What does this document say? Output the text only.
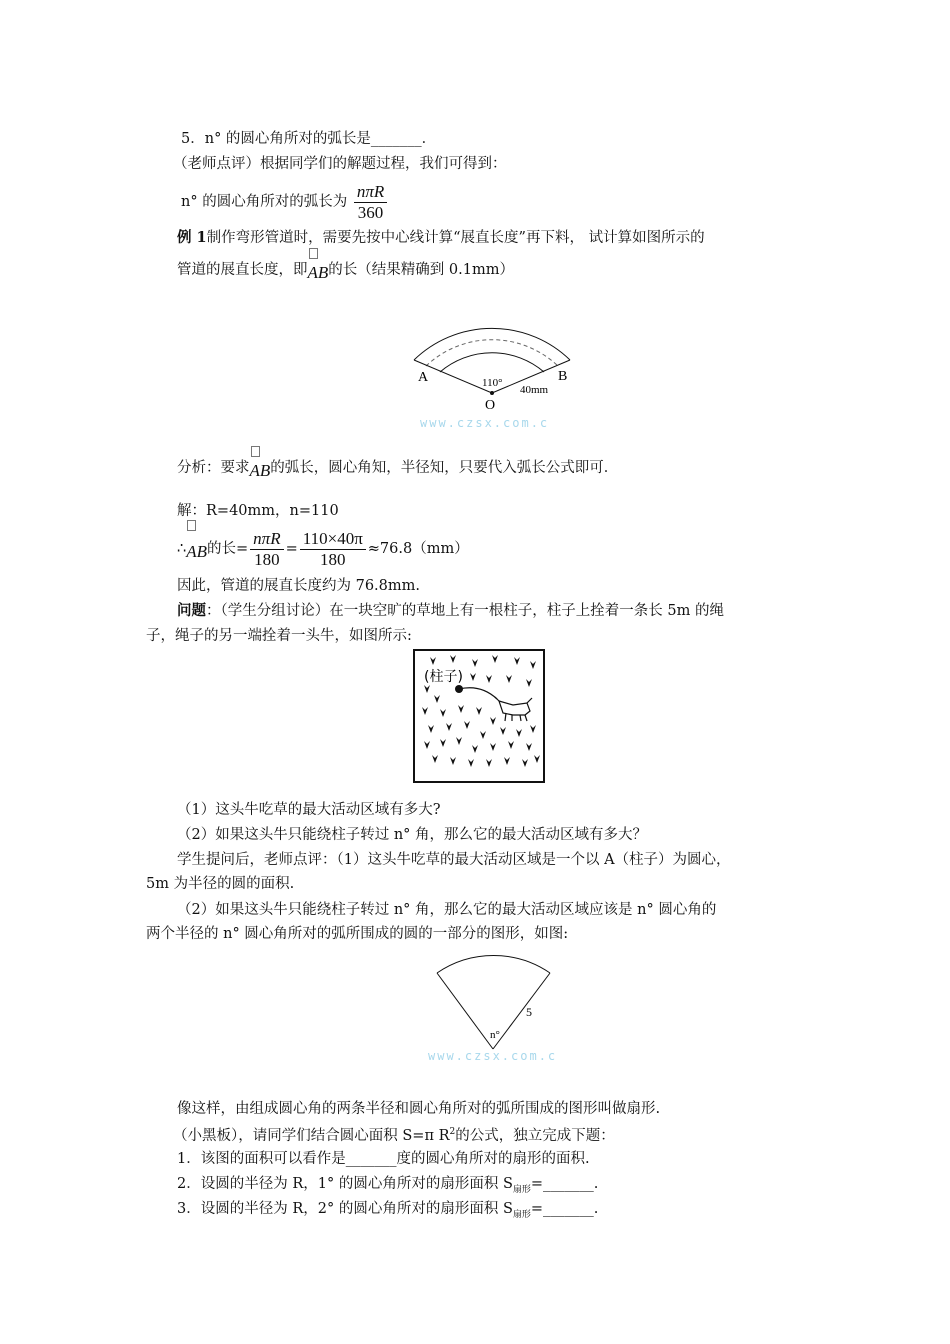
5．n° 的圆心角所对的弧长是_______．
（老师点评）根据同学们的解题过程，我们可得到：
n° 的圆心角所对的弧长为 $\frac{\text{nπR}}{360}$
例 1制作弯形管道时，需要先按中心线计算“展直长度”再下料， 试计算如图所示的
管道的展直长度，即
AB的长（结果精确到 0.1mm）
A	B
O
110°
40mm
www.czsx.com.c
分析：要求
AB的弧长，圆心角知，半径知，只要代入弧长公式即可．
解：R=40mm，n=110
∴
AB的长= $\frac{\text{nπR}}{180} = \frac{110\times 40\pi}{180} \approx 76.8(mm)$
因此，管道的展直长度约为 76.8mm.
问题：（学生分组讨论）在一块空旷的草地上有一根柱子，柱子上拴着一条长 5m 的绳
子，绳子的另一端拴着一头牛，如图所示:
(柱子)
（1）这头牛吃草的最大活动区域有多大?
（2）如果这头牛只能绕柱子转过 n° 角，那么它的最大活动区域有多大？
学生提问后，老师点评：（1）这头牛吃草的最大活动区域是一个以 A（柱子）为圆心，
5m 为半径的圆的面积.
（2）如果这头牛只能绕柱子转过 n° 角，那么它的最大活动区域应该是 n° 圆心角的
两个半径的 n° 圆心角所对的弧所围成的圆的一部分的图形，如图:
5
n°
www.czsx.com.c
像这样，由组成圆心角的两条半径和圆心角所对的弧所围成的图形叫做扇形.
（小黑板），请同学们结合圆心面积 S=π $R^2$的公式，独立完成下题：
1．该图的面积可以看作是_______度的圆心角所对的扇形的面积.
2．设圆的半径为 R，1° 的圆心角所对的扇形面积 $S_{扇形}=\_\_\_\_\_\_\_$.
3．设圆的半径为 R，2° 的圆心角所对的扇形面积 $S_{扇形}=\_\_\_\_\_\_\_$.
